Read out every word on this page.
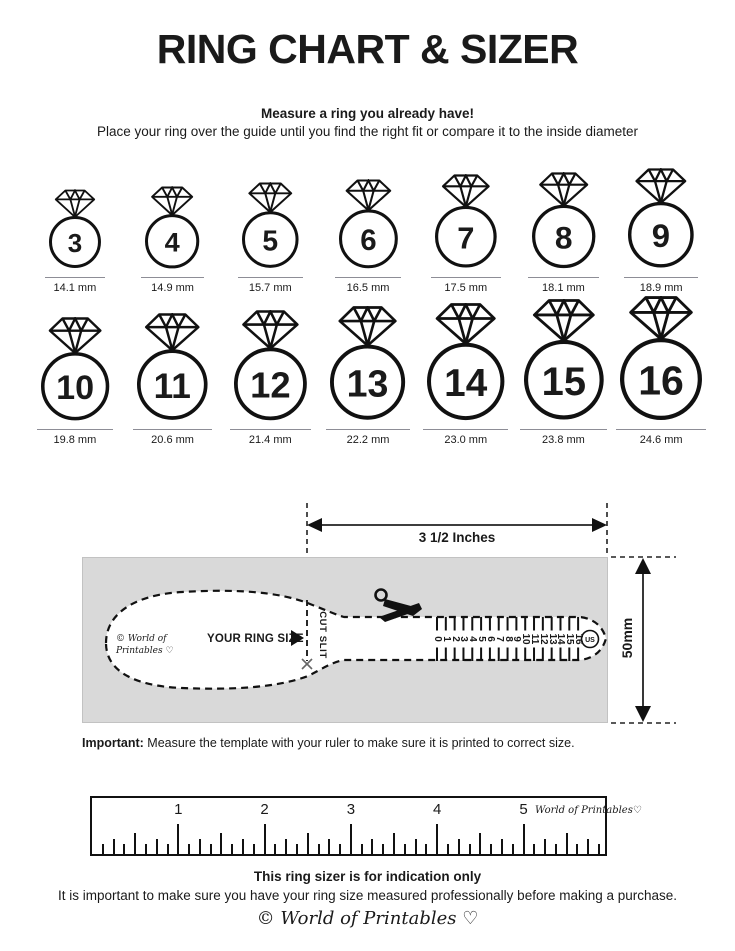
RING CHART & SIZER
Measure a ring you already have!
Place your ring over the guide until you find the right fit or compare it to the inside diameter
3
14.1 mm
4
14.9 mm
5
15.7 mm
6
16.5 mm
7
17.5 mm
8
18.1 mm
9
18.9 mm
10
19.8 mm
11
20.6 mm
12
21.4 mm
13
22.2 mm
14
23.0 mm
15
23.8 mm
16
24.6 mm
US
3 1/2 Inches
50mm
© World of Printables ♡
YOUR RING SIZE CUT SLIT	0
1
2
3
4
5
6
7
8
9
10
11
12
13
14
15
16

Important: Measure the template with your ruler to make sure it is printed to correct size.

1	2	3	4	5 World of Printables♡
This ring sizer is for indication only
It is important to make sure you have your ring size measured professionally before making a purchase.
© World of Printables ♡
